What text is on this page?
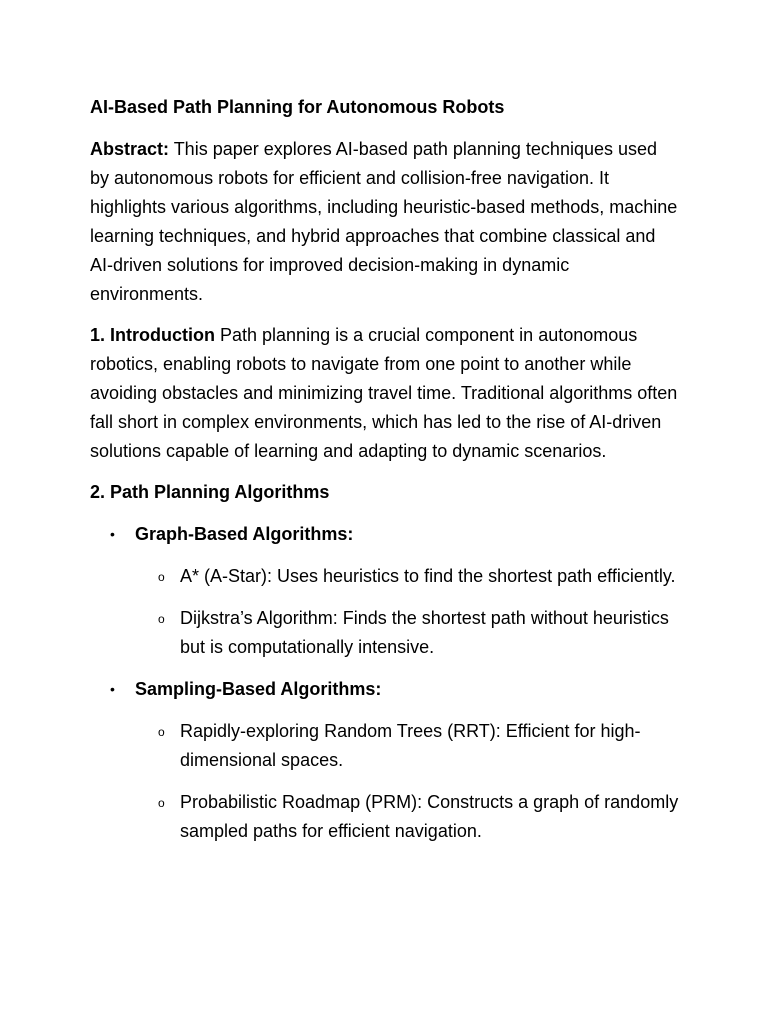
AI-Based Path Planning for Autonomous Robots

Abstract: This paper explores AI-based path planning techniques used by autonomous robots for efficient and collision-free navigation. It highlights various algorithms, including heuristic-based methods, machine learning techniques, and hybrid approaches that combine classical and AI-driven solutions for improved decision-making in dynamic environments.

1. Introduction Path planning is a crucial component in autonomous robotics, enabling robots to navigate from one point to another while avoiding obstacles and minimizing travel time. Traditional algorithms often fall short in complex environments, which has led to the rise of AI-driven solutions capable of learning and adapting to dynamic scenarios.

2. Path Planning Algorithms

• Graph-Based Algorithms:
o A* (A-Star): Uses heuristics to find the shortest path efficiently.
o Dijkstra’s Algorithm: Finds the shortest path without heuristics but is computationally intensive.
• Sampling-Based Algorithms:
o Rapidly-exploring Random Trees (RRT): Efficient for high-dimensional spaces.
o Probabilistic Roadmap (PRM): Constructs a graph of randomly sampled paths for efficient navigation.
